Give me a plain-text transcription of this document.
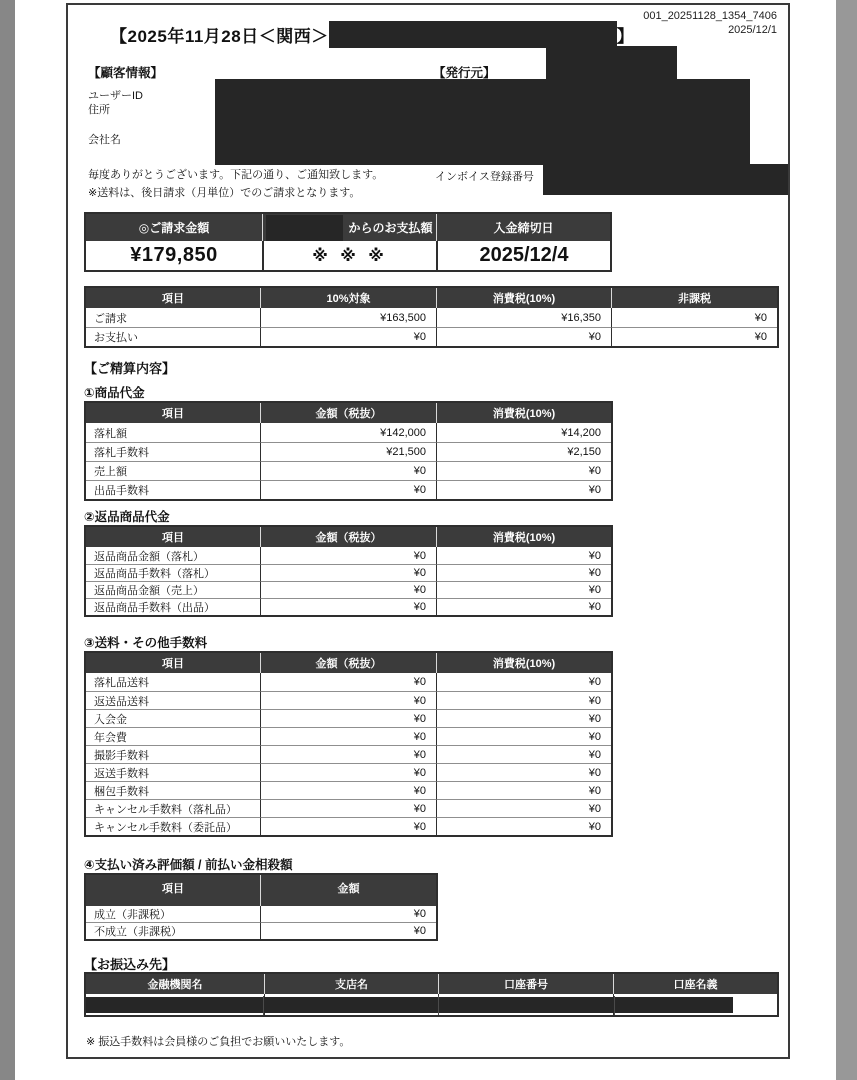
001_20251128_1354_7406
2025/12/1
【2025年11月28日＜関西＞	】
【顧客情報】	【発行元】
ユーザーID
住所
会社名
毎度ありがとうございます。下記の通り、ご通知致します。
※送料は、後日請求（月単位）でのご請求となります。
インボイス登録番号
◎ご請求金額	からのお支払額	入金締切日
¥179,850	※ ※ ※	2025/12/4
項目	10%対象	消費税(10%)	非課税
ご請求	¥163,500	¥16,350	¥0
お支払い	¥0	¥0	¥0
【ご精算内容】
①商品代金
項目	金額（税抜）	消費税(10%)
落札額	¥142,000	¥14,200
落札手数料	¥21,500	¥2,150
売上額	¥0	¥0
出品手数料	¥0	¥0
②返品商品代金
項目	金額（税抜）	消費税(10%)
返品商品金額（落札）	¥0	¥0
返品商品手数料（落札）	¥0	¥0
返品商品金額（売上）	¥0	¥0
返品商品手数料（出品）	¥0	¥0
③送料・その他手数料
項目	金額（税抜）	消費税(10%)
落札品送料	¥0	¥0
返送品送料	¥0	¥0
入会金	¥0	¥0
年会費	¥0	¥0
撮影手数料	¥0	¥0
返送手数料	¥0	¥0
梱包手数料	¥0	¥0
キャンセル手数料（落札品）	¥0	¥0
キャンセル手数料（委託品）	¥0	¥0
④支払い済み評価額 / 前払い金相殺額
項目	金額
成立（非課税）	¥0
不成立（非課税）	¥0
【お振込み先】
金融機関名	支店名	口座番号	口座名義

※ 振込手数料は会員様のご負担でお願いいたします。
